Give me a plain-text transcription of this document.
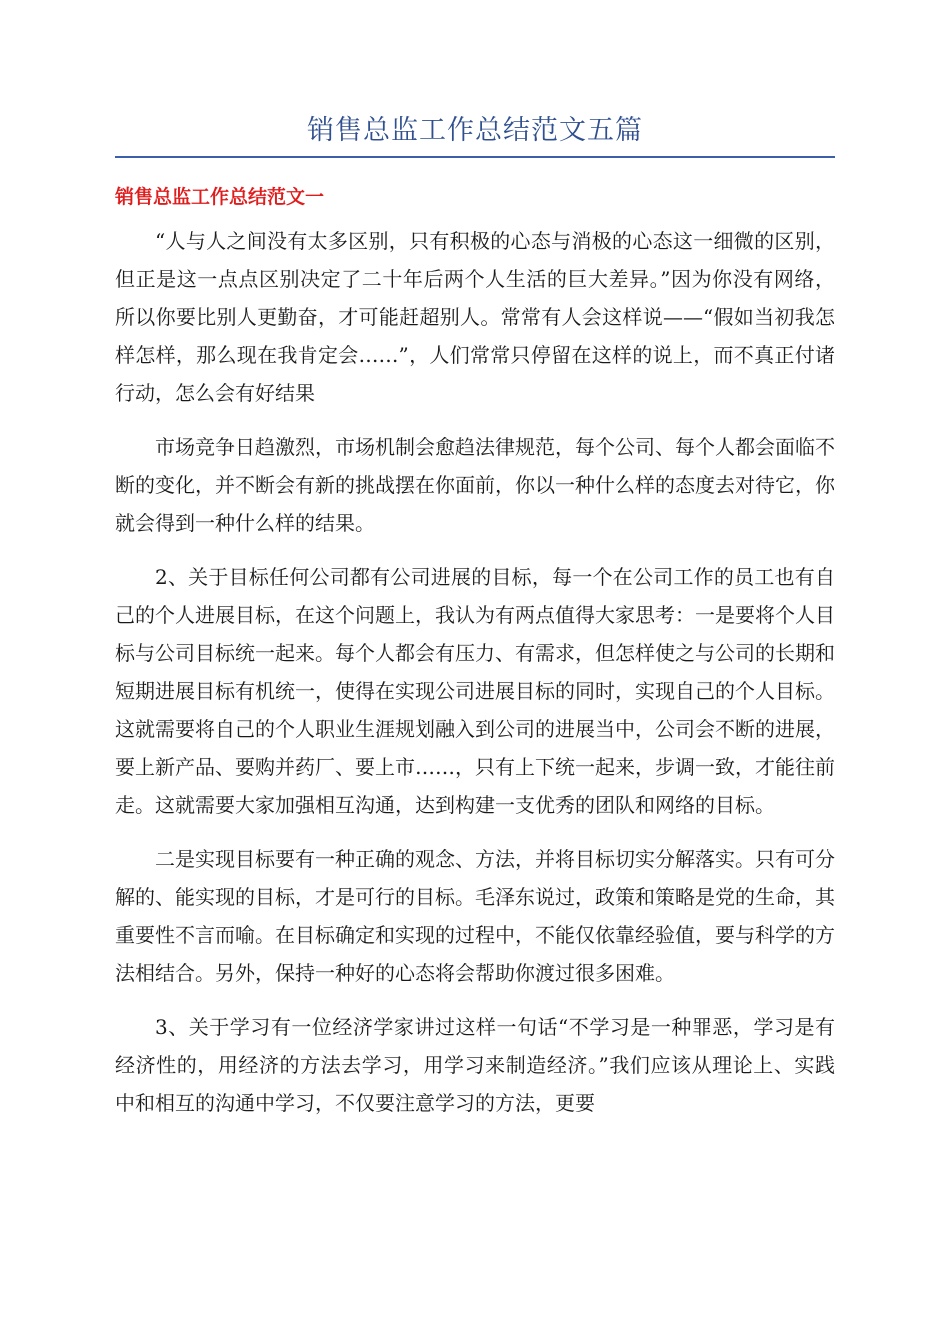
销售总监工作总结范文五篇
销售总监工作总结范文一

“人与人之间没有太多区别，只有积极的心态与消极的心态这一细微的区别，但正是这一点点区别决定了二十年后两个人生活的巨大差异。”因为你没有网络，所以你要比别人更勤奋，才可能赶超别人。常常有人会这样说——“假如当初我怎样怎样，那么现在我肯定会……”，人们常常只停留在这样的说上，而不真正付诸行动，怎么会有好结果

市场竞争日趋激烈，市场机制会愈趋法律规范，每个公司、每个人都会面临不断的变化，并不断会有新的挑战摆在你面前，你以一种什么样的态度去对待它，你就会得到一种什么样的结果。

2、关于目标任何公司都有公司进展的目标，每一个在公司工作的员工也有自己的个人进展目标，在这个问题上，我认为有两点值得大家思考：一是要将个人目标与公司目标统一起来。每个人都会有压力、有需求，但怎样使之与公司的长期和短期进展目标有机统一，使得在实现公司进展目标的同时，实现自己的个人目标。这就需要将自己的个人职业生涯规划融入到公司的进展当中，公司会不断的进展，要上新产品、要购并药厂、要上市……，只有上下统一起来，步调一致，才能往前走。这就需要大家加强相互沟通，达到构建一支优秀的团队和网络的目标。

二是实现目标要有一种正确的观念、方法，并将目标切实分解落实。只有可分解的、能实现的目标，才是可行的目标。毛泽东说过，政策和策略是党的生命，其重要性不言而喻。在目标确定和实现的过程中，不能仅依靠经验值，要与科学的方法相结合。另外，保持一种好的心态将会帮助你渡过很多困难。

3、关于学习有一位经济学家讲过这样一句话“不学习是一种罪恶，学习是有经济性的，用经济的方法去学习，用学习来制造经济。”我们应该从理论上、实践中和相互的沟通中学习，不仅要注意学习的方法，更要
